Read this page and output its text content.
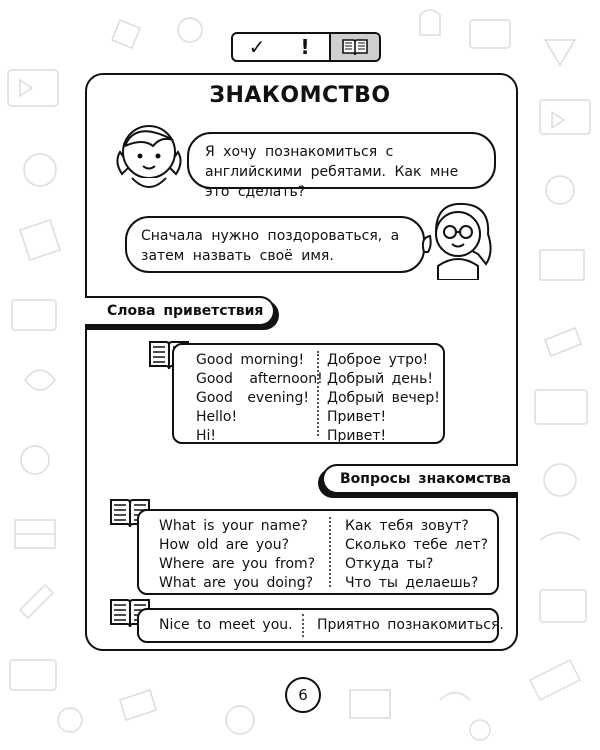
✓	!
ЗНАКОМСТВО
Я хочу познакомиться с английскими ребятами. Как мне это сделать?
Сначала нужно поздороваться, а затем назвать своё имя.
Слова приветствия
Good morning!
Good afternoon!
Good evening!
Hello!
Hi!
Доброе утро!
Добрый день!
Добрый вечер!
Привет!
Привет!
Вопросы знакомства
What is your name?
How old are you?
Where are you from?
What are you doing?
Как тебя зовут?
Сколько тебе лет?
Откуда ты?
Что ты делаешь?
Nice to meet you. Приятно познакомиться.
6
